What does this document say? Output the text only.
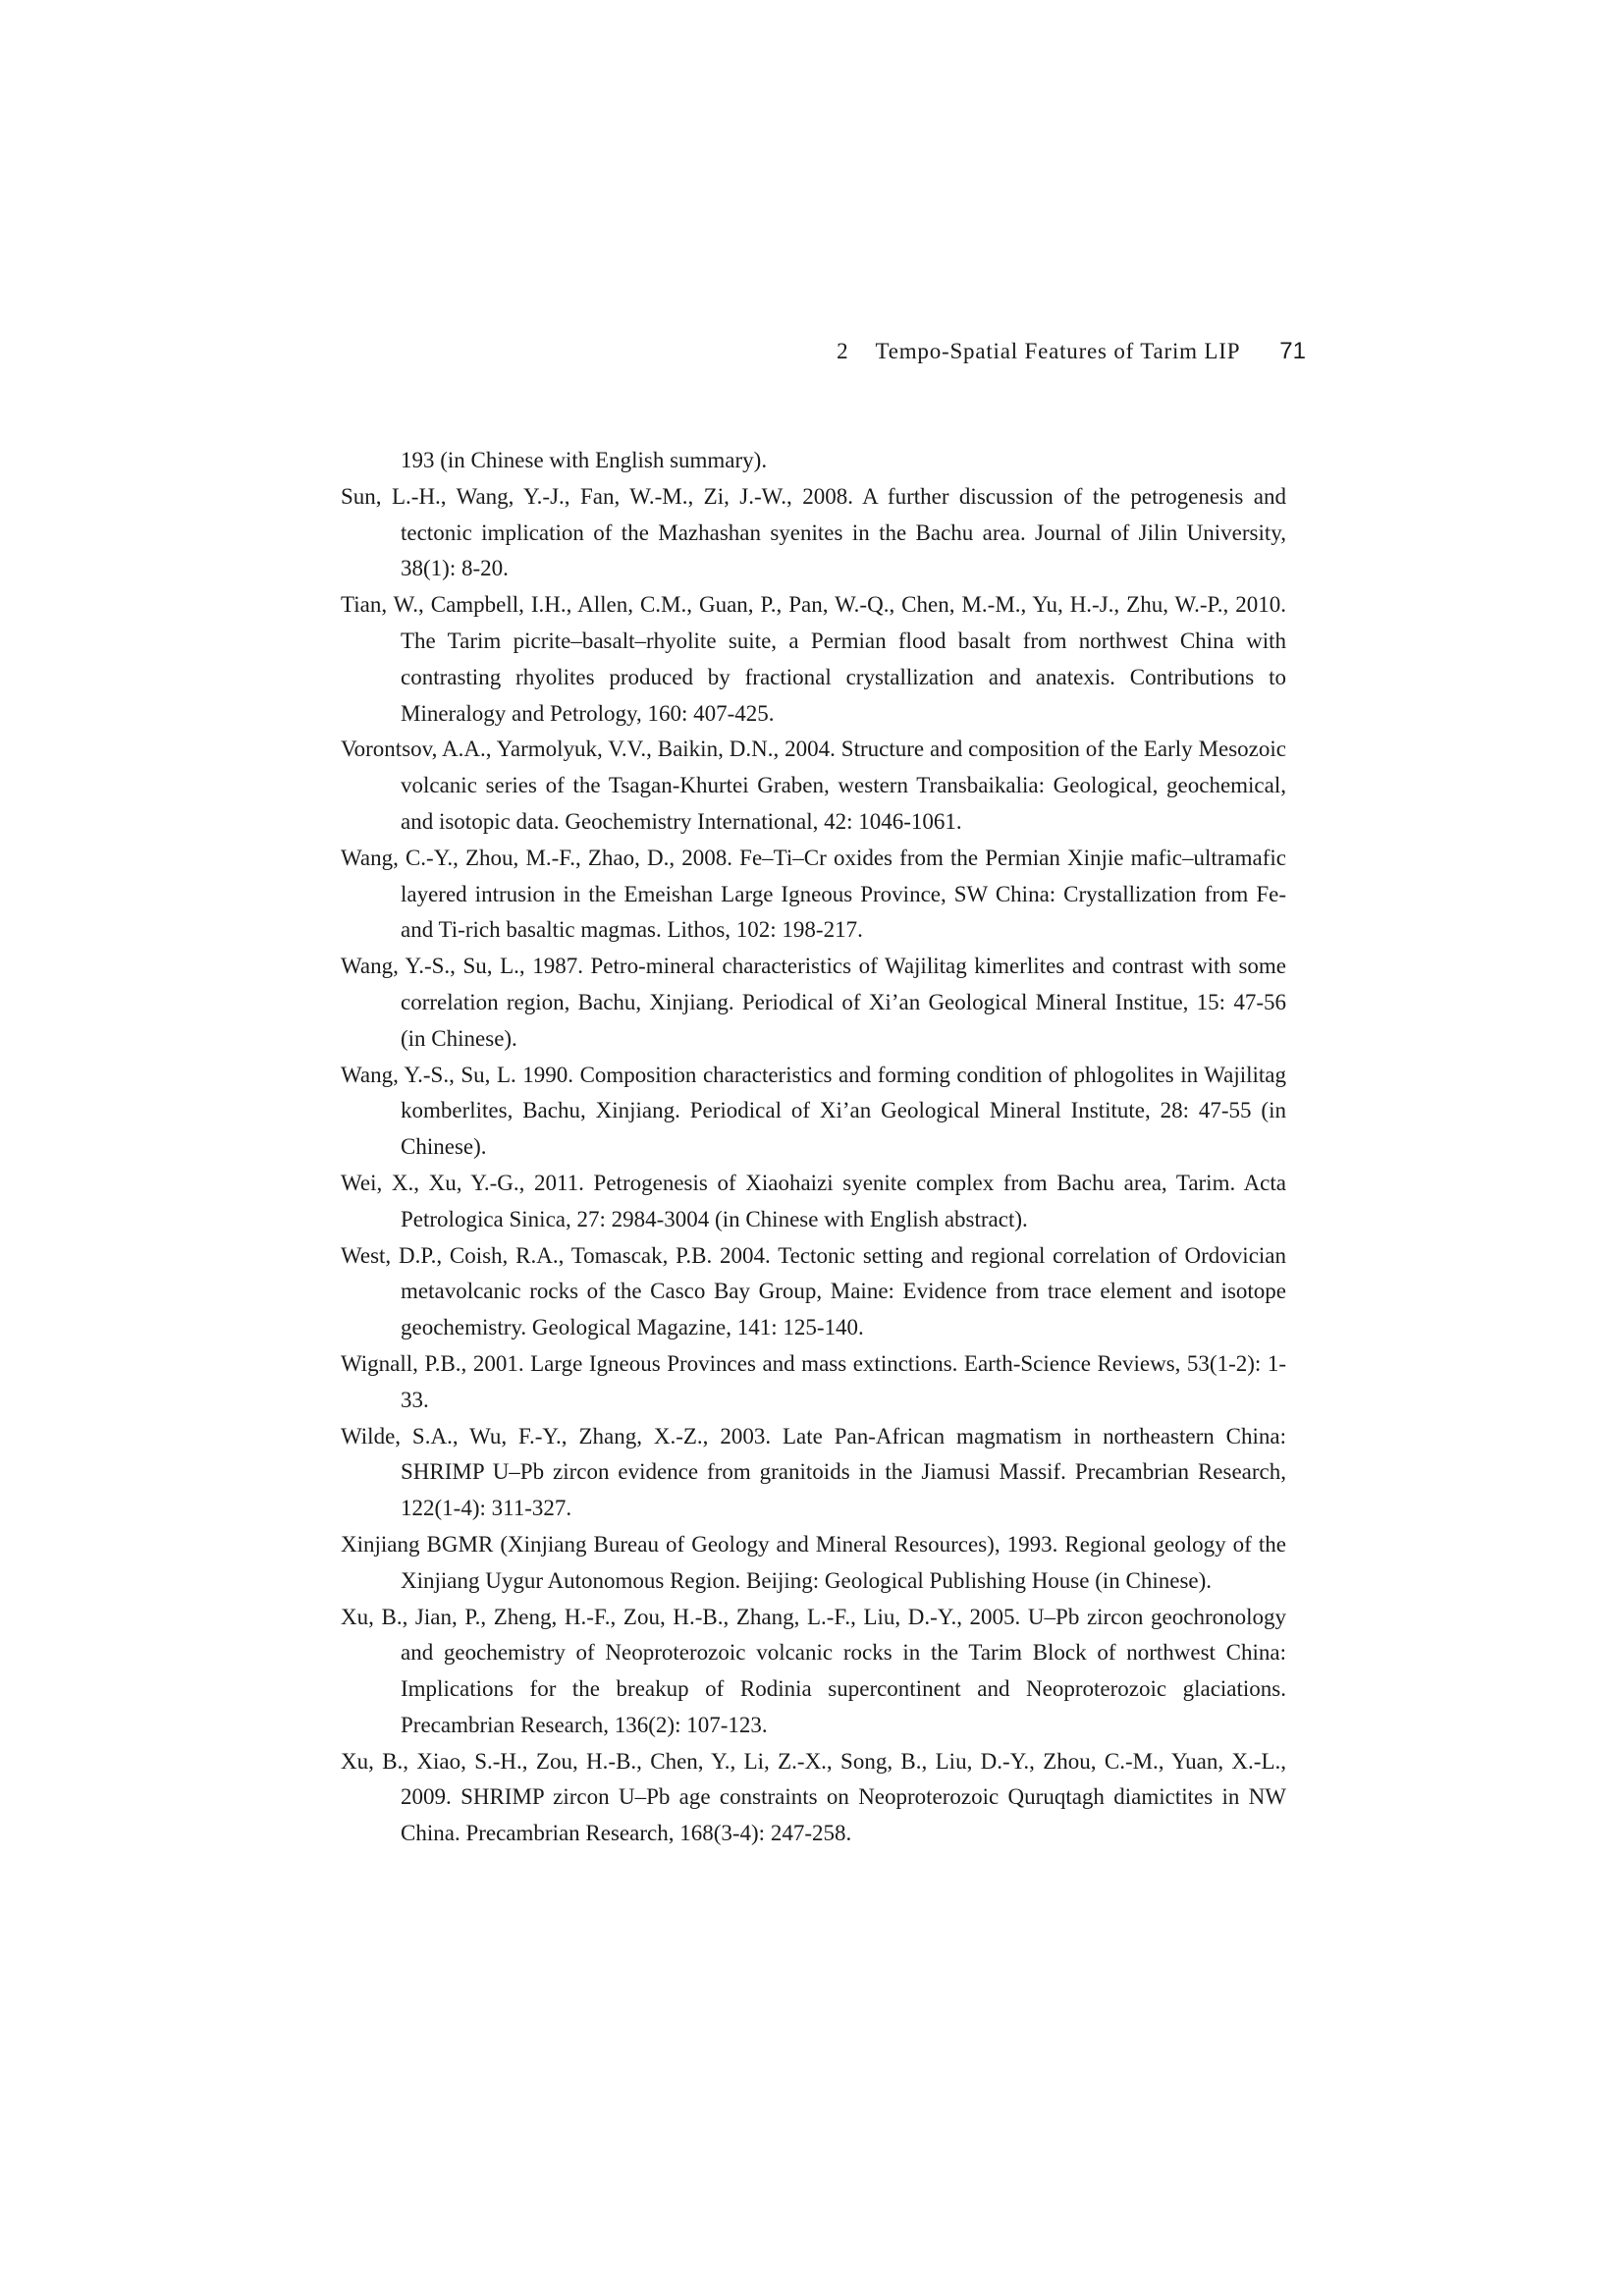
2 Tempo-Spatial Features of Tarim LIP 71

193 (in Chinese with English summary).

Sun, L.-H., Wang, Y.-J., Fan, W.-M., Zi, J.-W., 2008. A further discussion of the petrogenesis and tectonic implication of the Mazhashan syenites in the Bachu area. Journal of Jilin University, 38(1): 8-20.

Tian, W., Campbell, I.H., Allen, C.M., Guan, P., Pan, W.-Q., Chen, M.-M., Yu, H.-J., Zhu, W.-P., 2010. The Tarim picrite–basalt–rhyolite suite, a Permian flood basalt from northwest China with contrasting rhyolites produced by fractional crystallization and anatexis. Contributions to Mineralogy and Petrology, 160: 407-425.

Vorontsov, A.A., Yarmolyuk, V.V., Baikin, D.N., 2004. Structure and composition of the Early Mesozoic volcanic series of the Tsagan-Khurtei Graben, western Transbaikalia: Geological, geochemical, and isotopic data. Geochemistry International, 42: 1046-1061.

Wang, C.-Y., Zhou, M.-F., Zhao, D., 2008. Fe–Ti–Cr oxides from the Permian Xinjie mafic–ultramafic layered intrusion in the Emeishan Large Igneous Province, SW China: Crystallization from Fe- and Ti-rich basaltic magmas. Lithos, 102: 198-217.

Wang, Y.-S., Su, L., 1987. Petro-mineral characteristics of Wajilitag kimerlites and contrast with some correlation region, Bachu, Xinjiang. Periodical of Xi’an Geological Mineral Institue, 15: 47-56 (in Chinese).

Wang, Y.-S., Su, L. 1990. Composition characteristics and forming condition of phlogolites in Wajilitag komberlites, Bachu, Xinjiang. Periodical of Xi’an Geological Mineral Institute, 28: 47-55 (in Chinese).

Wei, X., Xu, Y.-G., 2011. Petrogenesis of Xiaohaizi syenite complex from Bachu area, Tarim. Acta Petrologica Sinica, 27: 2984-3004 (in Chinese with English abstract).

West, D.P., Coish, R.A., Tomascak, P.B. 2004. Tectonic setting and regional correlation of Ordovician metavolcanic rocks of the Casco Bay Group, Maine: Evidence from trace element and isotope geochemistry. Geological Magazine, 141: 125-140.

Wignall, P.B., 2001. Large Igneous Provinces and mass extinctions. Earth-Science Reviews, 53(1-2): 1-33.

Wilde, S.A., Wu, F.-Y., Zhang, X.-Z., 2003. Late Pan-African magmatism in northeastern China: SHRIMP U–Pb zircon evidence from granitoids in the Jiamusi Massif. Precambrian Research, 122(1-4): 311-327.

Xinjiang BGMR (Xinjiang Bureau of Geology and Mineral Resources), 1993. Regional geology of the Xinjiang Uygur Autonomous Region. Beijing: Geological Publishing House (in Chinese).

Xu, B., Jian, P., Zheng, H.-F., Zou, H.-B., Zhang, L.-F., Liu, D.-Y., 2005. U–Pb zircon geochronology and geochemistry of Neoproterozoic volcanic rocks in the Tarim Block of northwest China: Implications for the breakup of Rodinia supercontinent and Neoproterozoic glaciations. Precambrian Research, 136(2): 107-123.

Xu, B., Xiao, S.-H., Zou, H.-B., Chen, Y., Li, Z.-X., Song, B., Liu, D.-Y., Zhou, C.-M., Yuan, X.-L., 2009. SHRIMP zircon U–Pb age constraints on Neoproterozoic Quruqtagh diamictites in NW China. Precambrian Research, 168(3-4): 247-258.
